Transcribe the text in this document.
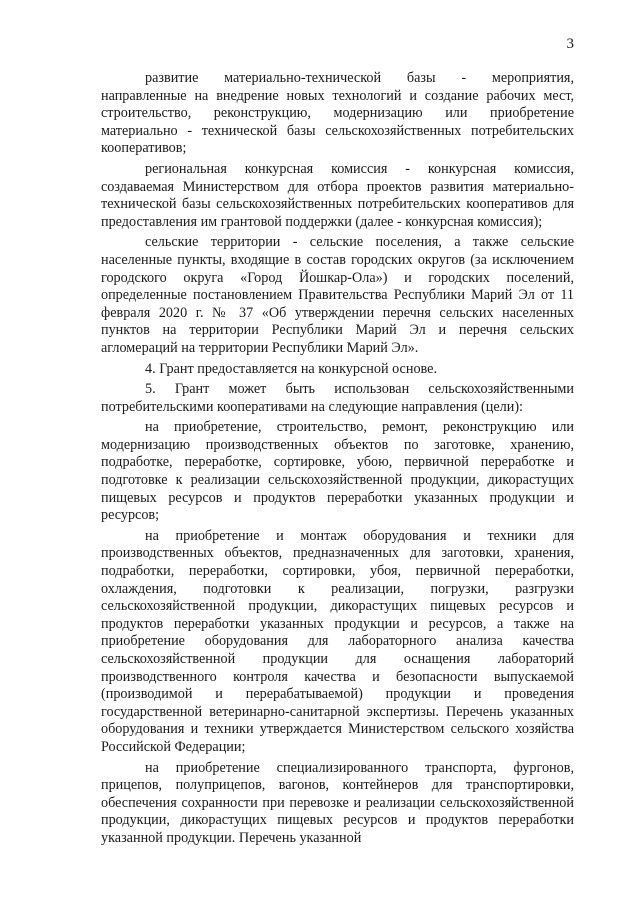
3

развитие материально-технической базы - мероприятия, направленные на внедрение новых технологий и создание рабочих мест, строительство, реконструкцию, модернизацию или приобретение материально - технической базы сельскохозяйственных потребительских кооперативов;

региональная конкурсная комиссия - конкурсная комиссия, создаваемая Министерством для отбора проектов развития материально-технической базы сельскохозяйственных потребительских кооперативов для предоставления им грантовой поддержки (далее - конкурсная комиссия);

сельские территории - сельские поселения, а также сельские населенные пункты, входящие в состав городских округов (за исключением городского округа «Город Йошкар-Ола») и городских поселений, определенные постановлением Правительства Республики Марий Эл от 11 февраля 2020 г. № 37 «Об утверждении перечня сельских населенных пунктов на территории Республики Марий Эл и перечня сельских агломераций на территории Республики Марий Эл».

4. Грант предоставляется на конкурсной основе.

5. Грант может быть использован сельскохозяйственными потребительскими кооперативами на следующие направления (цели):

на приобретение, строительство, ремонт, реконструкцию или модернизацию производственных объектов по заготовке, хранению, подработке, переработке, сортировке, убою, первичной переработке и подготовке к реализации сельскохозяйственной продукции, дикорастущих пищевых ресурсов и продуктов переработки указанных продукции и ресурсов;

на приобретение и монтаж оборудования и техники для производственных объектов, предназначенных для заготовки, хранения, подработки, переработки, сортировки, убоя, первичной переработки, охлаждения, подготовки к реализации, погрузки, разгрузки сельскохозяйственной продукции, дикорастущих пищевых ресурсов и продуктов переработки указанных продукции и ресурсов, а также на приобретение оборудования для лабораторного анализа качества сельскохозяйственной продукции для оснащения лабораторий производственного контроля качества и безопасности выпускаемой (производимой и перерабатываемой) продукции и проведения государственной ветеринарно-санитарной экспертизы. Перечень указанных оборудования и техники утверждается Министерством сельского хозяйства Российской Федерации;

на приобретение специализированного транспорта, фургонов, прицепов, полуприцепов, вагонов, контейнеров для транспортировки, обеспечения сохранности при перевозке и реализации сельскохозяйственной продукции, дикорастущих пищевых ресурсов и продуктов переработки указанной продукции. Перечень указанной
